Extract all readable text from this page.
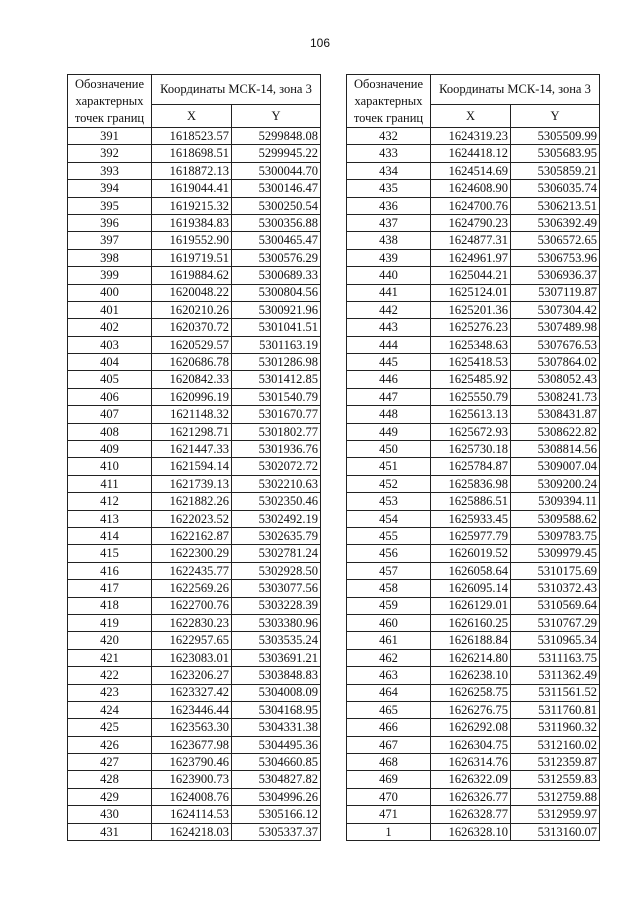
106
Обозначение характерных точек границ	Координаты МСК-14, зона 3	
	X	Y
391	1618523.57	5299848.08
392	1618698.51	5299945.22
393	1618872.13	5300044.70
394	1619044.41	5300146.47
395	1619215.32	5300250.54
396	1619384.83	5300356.88
397	1619552.90	5300465.47
398	1619719.51	5300576.29
399	1619884.62	5300689.33
400	1620048.22	5300804.56
401	1620210.26	5300921.96
402	1620370.72	5301041.51
403	1620529.57	5301163.19
404	1620686.78	5301286.98
405	1620842.33	5301412.85
406	1620996.19	5301540.79
407	1621148.32	5301670.77
408	1621298.71	5301802.77
409	1621447.33	5301936.76
410	1621594.14	5302072.72
411	1621739.13	5302210.63
412	1621882.26	5302350.46
413	1622023.52	5302492.19
414	1622162.87	5302635.79
415	1622300.29	5302781.24
416	1622435.77	5302928.50
417	1622569.26	5303077.56
418	1622700.76	5303228.39
419	1622830.23	5303380.96
420	1622957.65	5303535.24
421	1623083.01	5303691.21
422	1623206.27	5303848.83
423	1623327.42	5304008.09
424	1623446.44	5304168.95
425	1623563.30	5304331.38
426	1623677.98	5304495.36
427	1623790.46	5304660.85
428	1623900.73	5304827.82
429	1624008.76	5304996.26
430	1624114.53	5305166.12
431	1624218.03	5305337.37
Обозначение характерных точек границ	Координаты МСК-14, зона 3	
	X	Y
432	1624319.23	5305509.99
433	1624418.12	5305683.95
434	1624514.69	5305859.21
435	1624608.90	5306035.74
436	1624700.76	5306213.51
437	1624790.23	5306392.49
438	1624877.31	5306572.65
439	1624961.97	5306753.96
440	1625044.21	5306936.37
441	1625124.01	5307119.87
442	1625201.36	5307304.42
443	1625276.23	5307489.98
444	1625348.63	5307676.53
445	1625418.53	5307864.02
446	1625485.92	5308052.43
447	1625550.79	5308241.73
448	1625613.13	5308431.87
449	1625672.93	5308622.82
450	1625730.18	5308814.56
451	1625784.87	5309007.04
452	1625836.98	5309200.24
453	1625886.51	5309394.11
454	1625933.45	5309588.62
455	1625977.79	5309783.75
456	1626019.52	5309979.45
457	1626058.64	5310175.69
458	1626095.14	5310372.43
459	1626129.01	5310569.64
460	1626160.25	5310767.29
461	1626188.84	5310965.34
462	1626214.80	5311163.75
463	1626238.10	5311362.49
464	1626258.75	5311561.52
465	1626276.75	5311760.81
466	1626292.08	5311960.32
467	1626304.75	5312160.02
468	1626314.76	5312359.87
469	1626322.09	5312559.83
470	1626326.77	5312759.88
471	1626328.77	5312959.97
1	1626328.10	5313160.07
